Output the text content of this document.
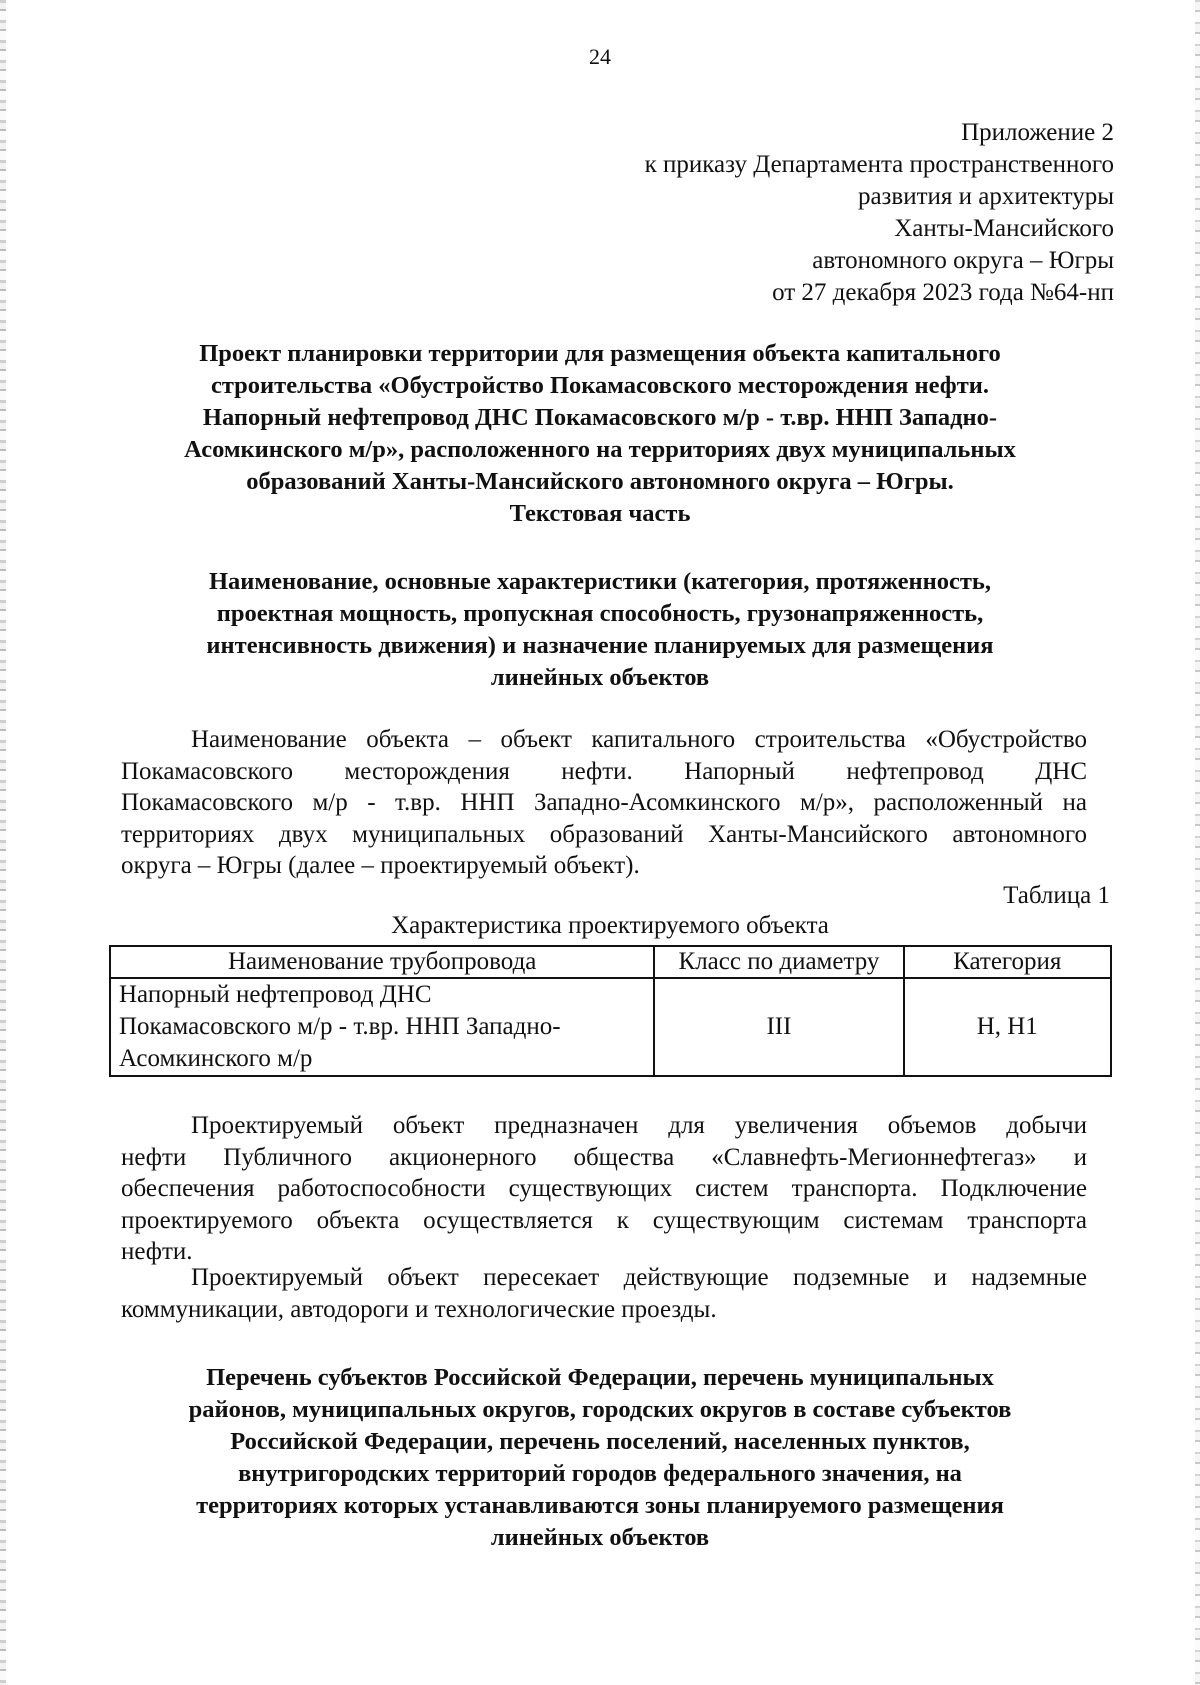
24
Приложение 2
к приказу Департамента пространственного
развития и архитектуры
Ханты-Мансийского
автономного округа – Югры
от 27 декабря 2023 года №64-нп
Проект планировки территории для размещения объекта капитального
строительства «Обустройство Покамасовского месторождения нефти.
Напорный нефтепровод ДНС Покамасовского м/р - т.вр. ННП Западно-
Асомкинского м/р», расположенного на территориях двух муниципальных
образований Ханты-Мансийского автономного округа – Югры.
Текстовая часть
Наименование, основные характеристики (категория, протяженность,
проектная мощность, пропускная способность, грузонапряженность,
интенсивность движения) и назначение планируемых для размещения
линейных объектов
Наименование объекта – объект капитального строительства «Обустройство
Покамасовского месторождения нефти. Напорный нефтепровод ДНС
Покамасовского м/р - т.вр. ННП Западно-Асомкинского м/р», расположенный на
территориях двух муниципальных образований Ханты-Мансийского автономного
округа – Югры (далее – проектируемый объект).
Таблица 1
Характеристика проектируемого объекта
Наименование трубопровода	Класс по диаметру	Категория

Напорный нефтепровод ДНС
Покамасовского м/р - т.вр. ННП Западно-
Асомкинского м/р	III	Н, Н1
Проектируемый объект предназначен для увеличения объемов добычи
нефти Публичного акционерного общества «Славнефть-Мегионнефтегаз» и
обеспечения работоспособности существующих систем транспорта. Подключение
проектируемого объекта осуществляется к существующим системам транспорта
нефти.
Проектируемый объект пересекает действующие подземные и надземные
коммуникации, автодороги и технологические проезды.
Перечень субъектов Российской Федерации, перечень муниципальных
районов, муниципальных округов, городских округов в составе субъектов
Российской Федерации, перечень поселений, населенных пунктов,
внутригородских территорий городов федерального значения, на
территориях которых устанавливаются зоны планируемого размещения
линейных объектов
